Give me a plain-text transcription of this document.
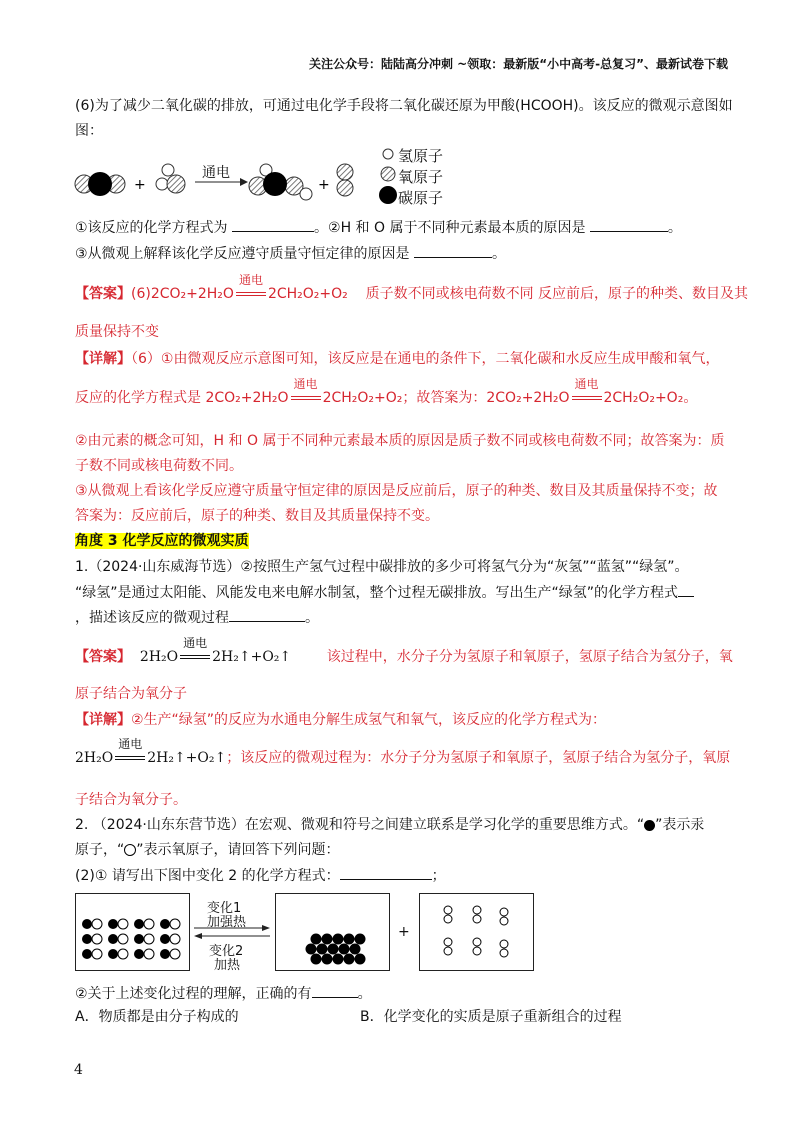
关注公众号：陆陆高分冲刺 ~领取：最新版“小中高考-总复习”、最新试卷下载
(6)为了减少二氧化碳的排放，可通过电化学手段将二氧化碳还原为甲酸(HCOOH)。该反应的微观示意图如
图：
+	+
通电
氢原子
氧原子
碳原子
①该反应的化学方程式为	。②H 和 O 属于不同种元素最本质的原因是	。
③从微观上解释该化学反应遵守质量守恒定律的原因是	。
【答案】(6)2CO₂+2H₂O
通电
2CH₂O₂+O₂ 质子数不同或核电荷数不同 反应前后，原子的种类、数目及其
质量保持不变
【详解】（6）①由微观反应示意图可知，该反应是在通电的条件下，二氧化碳和水反应生成甲酸和氧气，
反应的化学方程式是 2CO₂+2H₂O
通电
2CH₂O₂+O₂；故答案为：2CO₂+2H₂O
通电
2CH₂O₂+O₂。
②由元素的概念可知，H 和 O 属于不同种元素最本质的原因是质子数不同或核电荷数不同；故答案为：质
子数不同或核电荷数不同。
③从微观上看该化学反应遵守质量守恒定律的原因是反应前后，原子的种类、数目及其质量保持不变；故
答案为：反应前后，原子的种类、数目及其质量保持不变。
角度 3 化学反应的微观实质
1.（2024·山东威海节选）②按照生产氢气过程中碳排放的多少可将氢气分为“灰氢”“蓝氢”“绿氢”。
“绿氢”是通过太阳能、风能发电来电解水制氢，整个过程无碳排放。写出生产“绿氢”的化学方程式
，描述该反应的微观过程	。
【答案】 2H₂O
通电
2H₂↑+O₂↑	该过程中，水分子分为氢原子和氧原子，氢原子结合为氢分子，氧
原子结合为氧分子
【详解】②生产“绿氢”的反应为水通电分解生成氢气和氧气，该反应的化学方程式为：
2H₂O
通电
2H₂↑+O₂↑；该反应的微观过程为：水分子分为氢原子和氧原子，氢原子结合为氢分子，氧原
子结合为氧分子。
2. （2024·山东东营节选）在宏观、微观和符号之间建立联系是学习化学的重要思维方式。“ ”表示汞
原子，“ ”表示氧原子，请回答下列问题：
(2)① 请写出下图中变化 2 的化学方程式：	；
变化1
加强热
变化2
加热
+
②关于上述变化过程的理解，正确的有	。
A．物质都是由分子构成的	B．化学变化的实质是原子重新组合的过程
4
